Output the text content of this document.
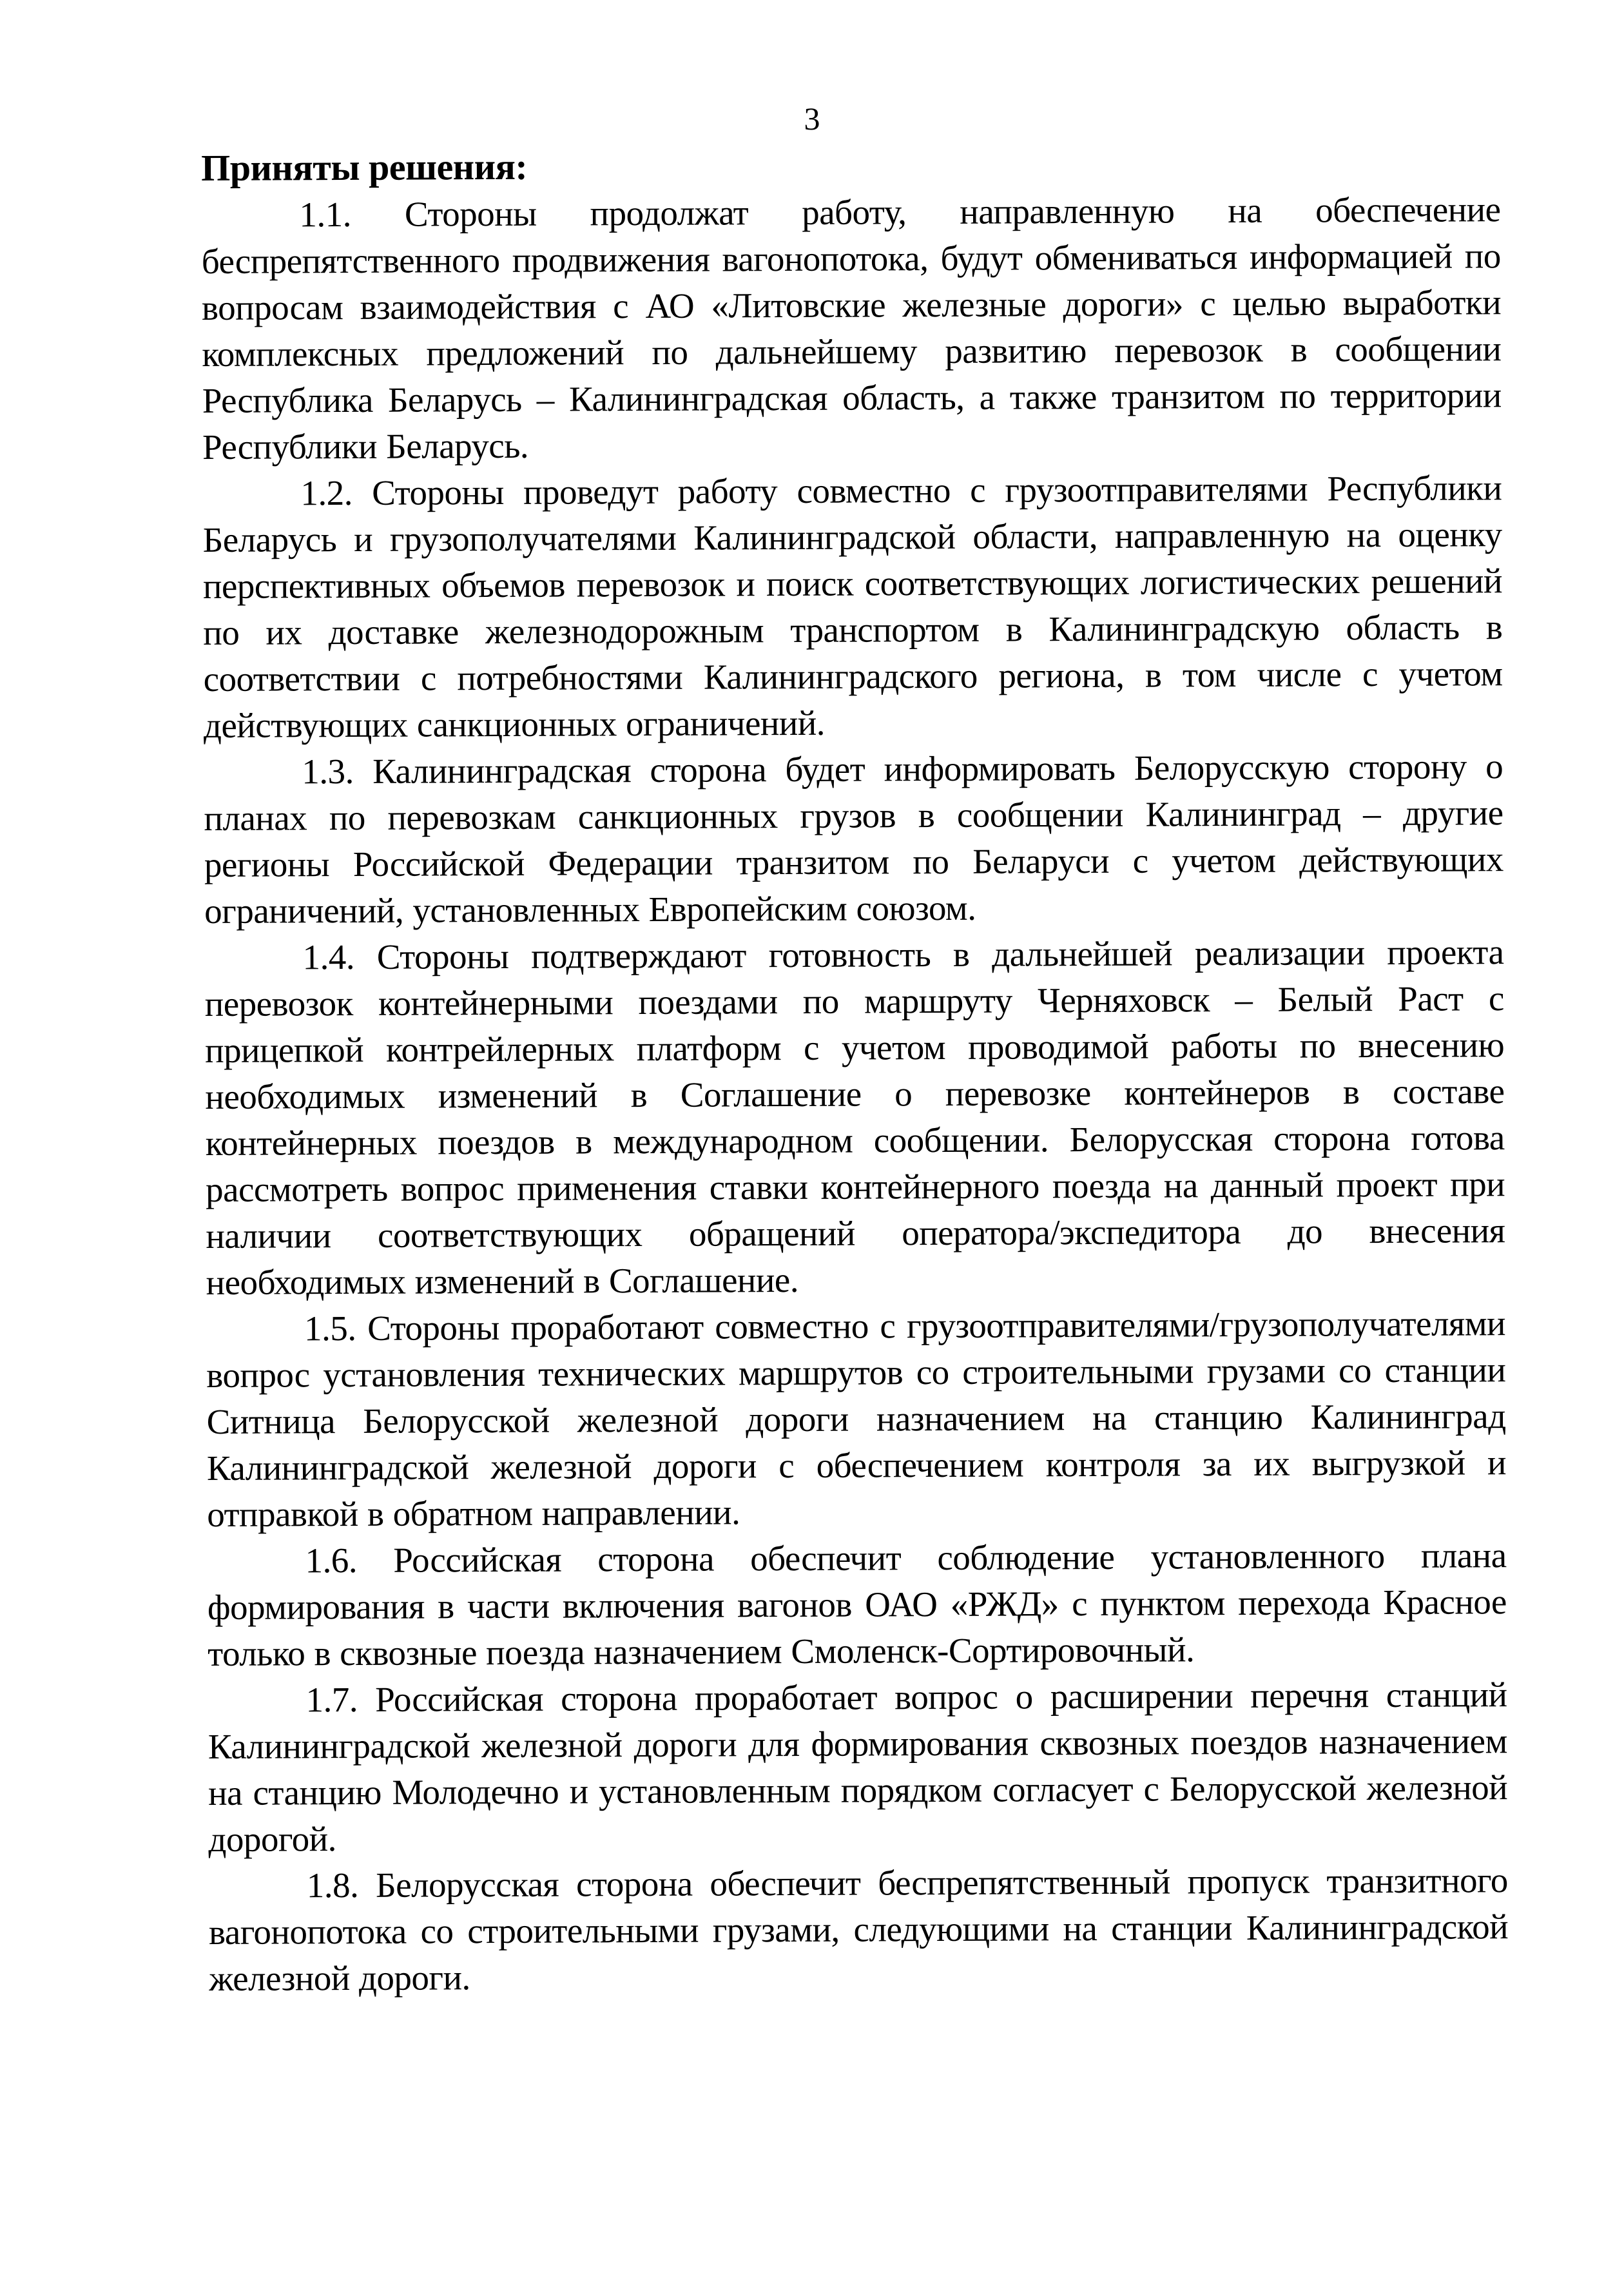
3

Приняты решения:

1.1. Стороны продолжат работу, направленную на обеспечение беспрепятственного продвижения вагонопотока, будут обмениваться информацией по вопросам взаимодействия с АО «Литовские железные дороги» с целью выработки комплексных предложений по дальнейшему развитию перевозок в сообщении Республика Беларусь – Калининградская область, а также транзитом по территории Республики Беларусь.

1.2. Стороны проведут работу совместно с грузоотправителями Республики Беларусь и грузополучателями Калининградской области, направленную на оценку перспективных объемов перевозок и поиск соответствующих логистических решений по их доставке железнодорожным транспортом в Калининградскую область в соответствии с потребностями Калининградского региона, в том числе с учетом действующих санкционных ограничений.

1.3. Калининградская сторона будет информировать Белорусскую сторону о планах по перевозкам санкционных грузов в сообщении Калининград – другие регионы Российской Федерации транзитом по Беларуси с учетом действующих ограничений, установленных Европейским союзом.

1.4. Стороны подтверждают готовность в дальнейшей реализации проекта перевозок контейнерными поездами по маршруту Черняховск – Белый Раст с прицепкой контрейлерных платформ с учетом проводимой работы по внесению необходимых изменений в Соглашение о перевозке контейнеров в составе контейнерных поездов в международном сообщении. Белорусская сторона готова рассмотреть вопрос применения ставки контейнерного поезда на данный проект при наличии соответствующих обращений оператора/экспедитора до внесения необходимых изменений в Соглашение.

1.5. Стороны проработают совместно с грузоотправителями/грузополучателями вопрос установления технических маршрутов со строительными грузами со станции Ситница Белорусской железной дороги назначением на станцию Калининград Калининградской железной дороги с обеспечением контроля за их выгрузкой и отправкой в обратном направлении.

1.6. Российская сторона обеспечит соблюдение установленного плана формирования в части включения вагонов ОАО «РЖД» с пунктом перехода Красное только в сквозные поезда назначением Смоленск-Сортировочный.

1.7. Российская сторона проработает вопрос о расширении перечня станций Калининградской железной дороги для формирования сквозных поездов назначением на станцию Молодечно и установленным порядком согласует с Белорусской железной дорогой.

1.8. Белорусская сторона обеспечит беспрепятственный пропуск транзитного вагонопотока со строительными грузами, следующими на станции Калининградской железной дороги.
